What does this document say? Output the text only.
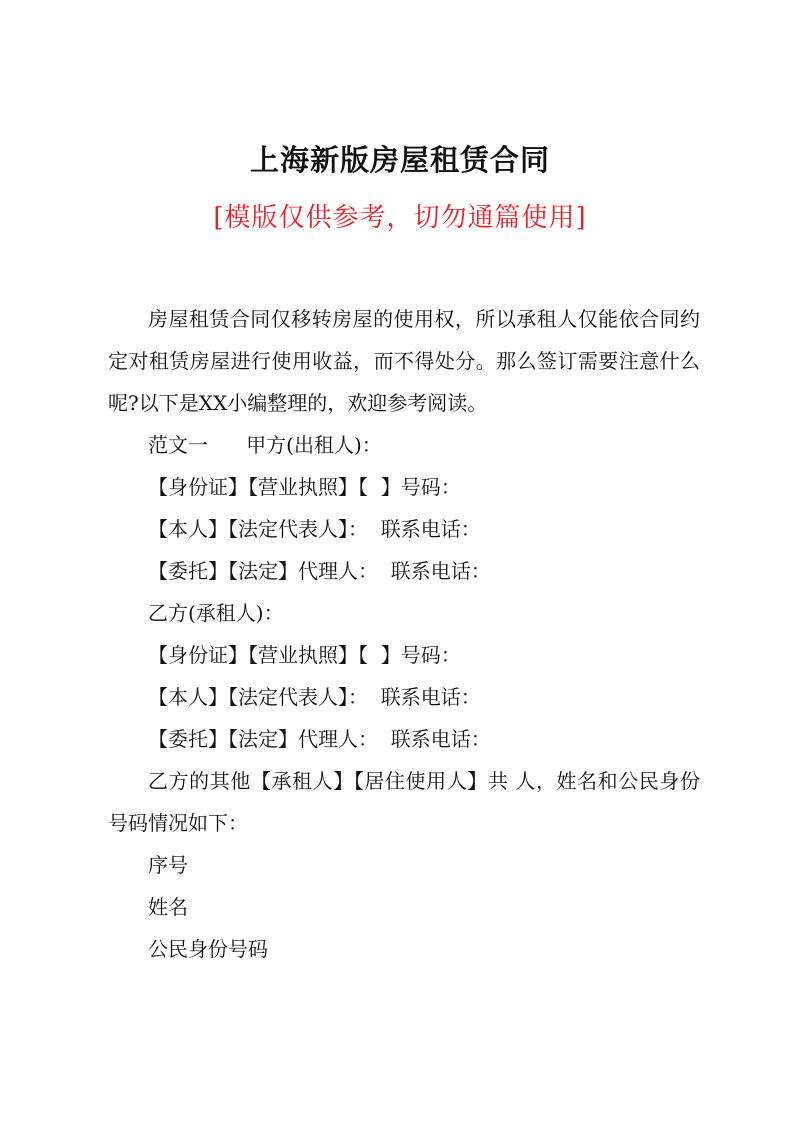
上海新版房屋租赁合同
[模版仅供参考，切勿通篇使用]

房屋租赁合同仅移转房屋的使用权，所以承租人仅能依合同约定对租赁房屋进行使用收益，而不得处分。那么签订需要注意什么呢?以下是XX小编整理的，欢迎参考阅读。

范文一      甲方(出租人)：

【身份证】【营业执照】【  】号码：

【本人】【法定代表人】：  联系电话：

【委托】【法定】代理人：  联系电话：

乙方(承租人)：

【身份证】【营业执照】【  】号码：

【本人】【法定代表人】：  联系电话：

【委托】【法定】代理人：  联系电话：

乙方的其他【承租人】【居住使用人】共 人，姓名和公民身份号码情况如下：

序号

姓名

公民身份号码
